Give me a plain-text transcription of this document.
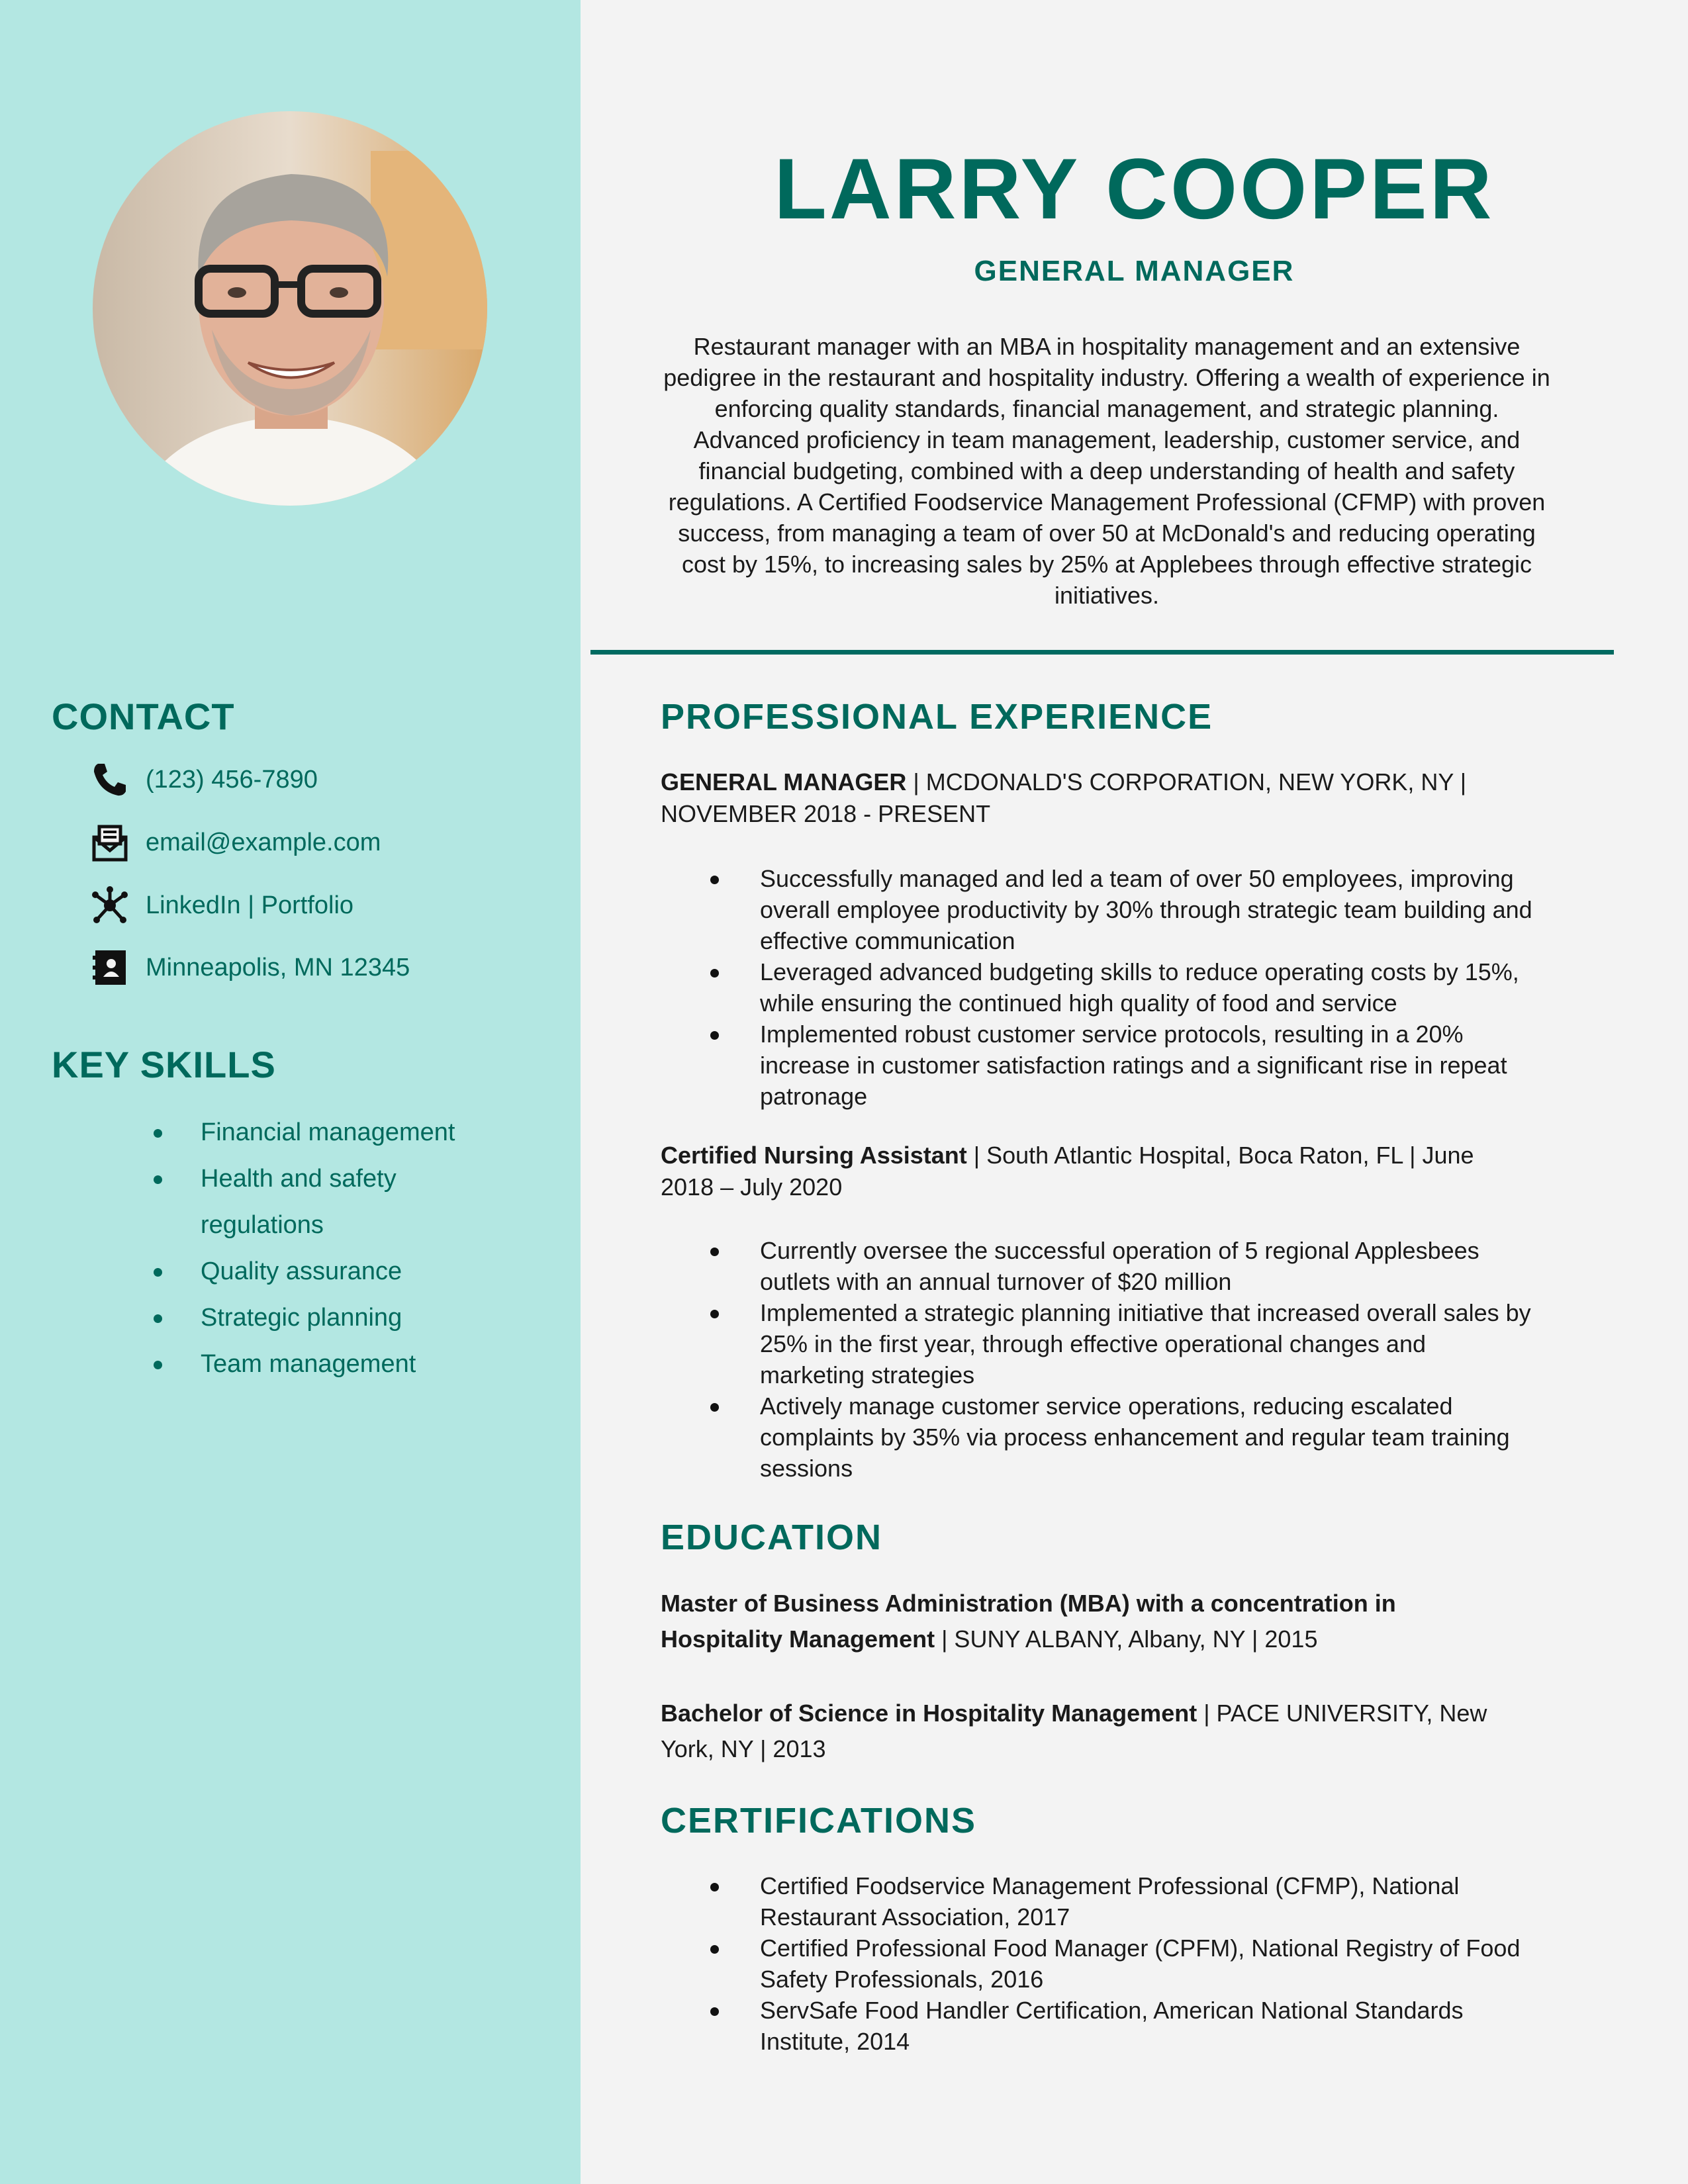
CONTACT
(123) 456-7890
email@example.com
LinkedIn | Portfolio
Minneapolis, MN 12345
KEY SKILLS
Financial management
Health and safety
regulations
Quality assurance
Strategic planning
Team management
LARRY COOPER
GENERAL MANAGER

Restaurant manager with an MBA in hospitality management and an extensive pedigree in the restaurant and hospitality industry. Offering a wealth of experience in enforcing quality standards, financial management, and strategic planning. Advanced proficiency in team management, leadership, customer service, and financial budgeting, combined with a deep understanding of health and safety regulations. A Certified Foodservice Management Professional (CFMP) with proven success, from managing a team of over 50 at McDonald's and reducing operating cost by 15%, to increasing sales by 25% at Applebees through effective strategic initiatives.

PROFESSIONAL EXPERIENCE

GENERAL MANAGER | MCDONALD'S CORPORATION, NEW YORK, NY | NOVEMBER 2018 - PRESENT

Successfully managed and led a team of over 50 employees, improving overall employee productivity by 30% through strategic team building and effective communication
Leveraged advanced budgeting skills to reduce operating costs by 15%, while ensuring the continued high quality of food and service
Implemented robust customer service protocols, resulting in a 20% increase in customer satisfaction ratings and a significant rise in repeat patronage

Certified Nursing Assistant | South Atlantic Hospital, Boca Raton, FL | June 2018 – July 2020

Currently oversee the successful operation of 5 regional Applesbees outlets with an annual turnover of $20 million
Implemented a strategic planning initiative that increased overall sales by 25% in the first year, through effective operational changes and marketing strategies
Actively manage customer service operations, reducing escalated complaints by 35% via process enhancement and regular team training sessions
EDUCATION

Master of Business Administration (MBA) with a concentration in Hospitality Management | SUNY ALBANY, Albany, NY | 2015

Bachelor of Science in Hospitality Management | PACE UNIVERSITY, New York, NY | 2013

CERTIFICATIONS
Certified Foodservice Management Professional (CFMP), National Restaurant Association, 2017
Certified Professional Food Manager (CPFM), National Registry of Food Safety Professionals, 2016
ServSafe Food Handler Certification, American National Standards Institute, 2014
